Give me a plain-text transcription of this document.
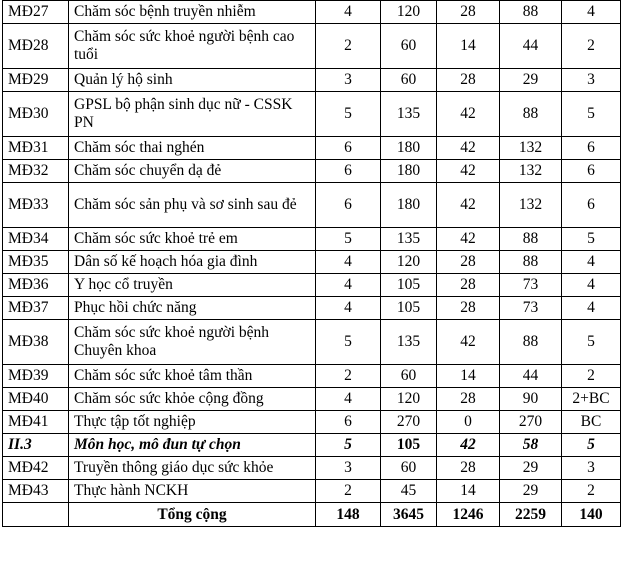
MĐ27	Chăm sóc bệnh truyền nhiễm	4	120	28	88	4
MĐ28	Chăm sóc sức khoẻ người bệnh cao tuổi	2	60	14	44	2
MĐ29	Quản lý hộ sinh	3	60	28	29	3
MĐ30	GPSL bộ phận sinh dục nữ - CSSK PN	5	135	42	88	5
MĐ31	Chăm sóc thai nghén	6	180	42	132	6
MĐ32	Chăm sóc chuyển dạ đẻ	6	180	42	132	6
MĐ33	Chăm sóc sản phụ và sơ sinh sau đẻ	6	180	42	132	6
MĐ34	Chăm sóc sức khoẻ trẻ em	5	135	42	88	5
MĐ35	Dân số kế hoạch hóa gia đình	4	120	28	88	4
MĐ36	Y học cổ truyền	4	105	28	73	4
MĐ37	Phục hồi chức năng	4	105	28	73	4
MĐ38	Chăm sóc sức khoẻ người bệnh Chuyên khoa	5	135	42	88	5
MĐ39	Chăm sóc sức khoẻ tâm thần	2	60	14	44	2
MĐ40	Chăm sóc sức khỏe cộng đồng	4	120	28	90	2+BC
MĐ41	Thực tập tốt nghiệp	6	270	0	270	BC
II.3	Môn học, mô đun tự chọn	5	105	42	58	5
MĐ42	Truyền thông giáo dục sức khỏe	3	60	28	29	3
MĐ43	Thực hành NCKH	2	45	14	29	2
	Tổng cộng	148	3645	1246	2259	140
